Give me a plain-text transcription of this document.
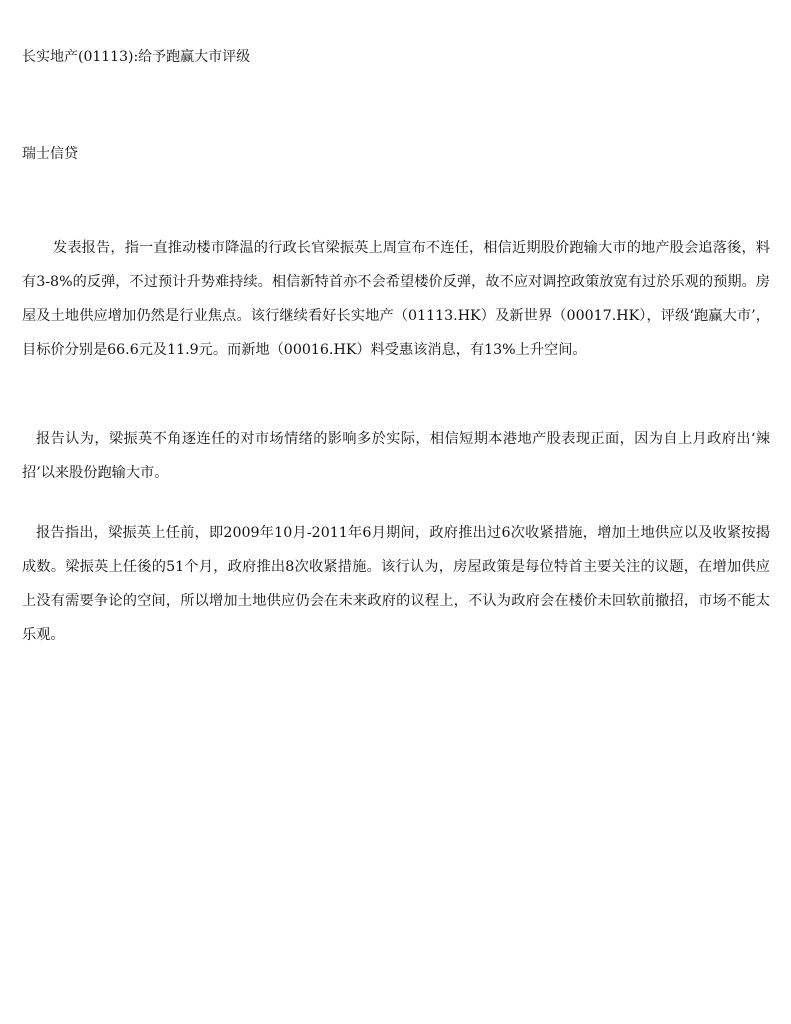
长实地产(01113):给予跑赢大市评级
瑞士信贷

发表报告，指一直推动楼市降温的行政长官梁振英上周宣布不连任，相信近期股价跑输大市的地产股会追落後，料有3-8%的反弹，不过预计升势难持续。相信新特首亦不会希望楼价反弹，故不应对调控政策放宽有过於乐观的预期。房屋及土地供应增加仍然是行业焦点。该行继续看好长实地产（01113.HK）及新世界（00017.HK），评级‘跑赢大市’，目标价分别是66.6元及11.9元。而新地（00016.HK）料受惠该消息，有13%上升空间。

报告认为，梁振英不角逐连任的对市场情绪的影响多於实际，相信短期本港地产股表现正面，因为自上月政府出‘辣招’以来股份跑输大市。

报告指出，梁振英上任前，即2009年10月-2011年6月期间，政府推出过6次收紧措施，增加土地供应以及收紧按揭成数。梁振英上任後的51个月，政府推出8次收紧措施。该行认为，房屋政策是每位特首主要关注的议题，在增加供应上没有需要争论的空间，所以增加土地供应仍会在未来政府的议程上，不认为政府会在楼价未回软前撤招，市场不能太乐观。
